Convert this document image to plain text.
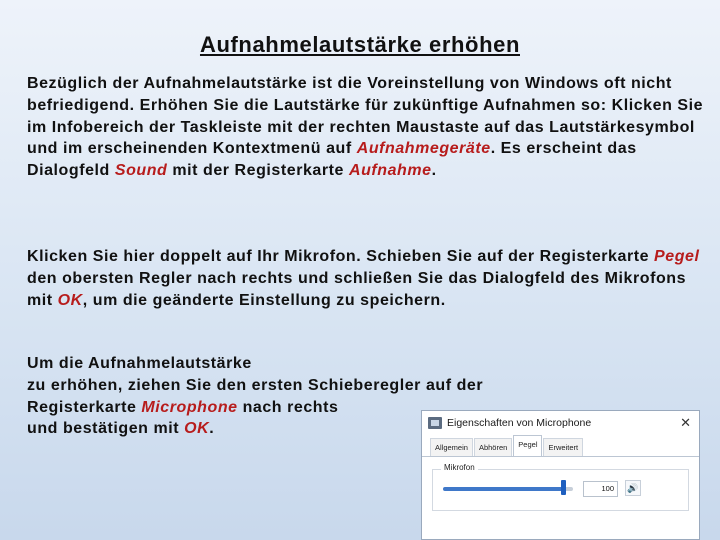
Aufnahmelautstärke erhöhen
Bezüglich der Aufnahmelautstärke ist die Voreinstellung von Windows oft nicht befriedigend. Erhöhen Sie die Lautstärke für zukünftige Aufnahmen so: Klicken Sie im Infobereich der Taskleiste mit der rechten Maustaste auf das Lautstärkesymbol und im erscheinenden Kontextmenü auf Aufnahmegeräte. Es erscheint das Dialogfeld Sound mit der Registerkarte Aufnahme.
Klicken Sie hier doppelt auf Ihr Mikrofon. Schieben Sie auf der Registerkarte Pegel den obersten Regler nach rechts und schließen Sie das Dialogfeld des Mikrofons mit OK, um die geänderte Einstellung zu speichern.
Um die Aufnahmelautstärke
zu erhöhen, ziehen Sie den ersten Schieberegler auf der
Registerkarte Microphone nach rechts
und bestätigen mit OK.	Eigenschaften von Microphone	✕
Allgemein	Abhören	Pegel	Erweitert
Mikrofon
100	🔊
